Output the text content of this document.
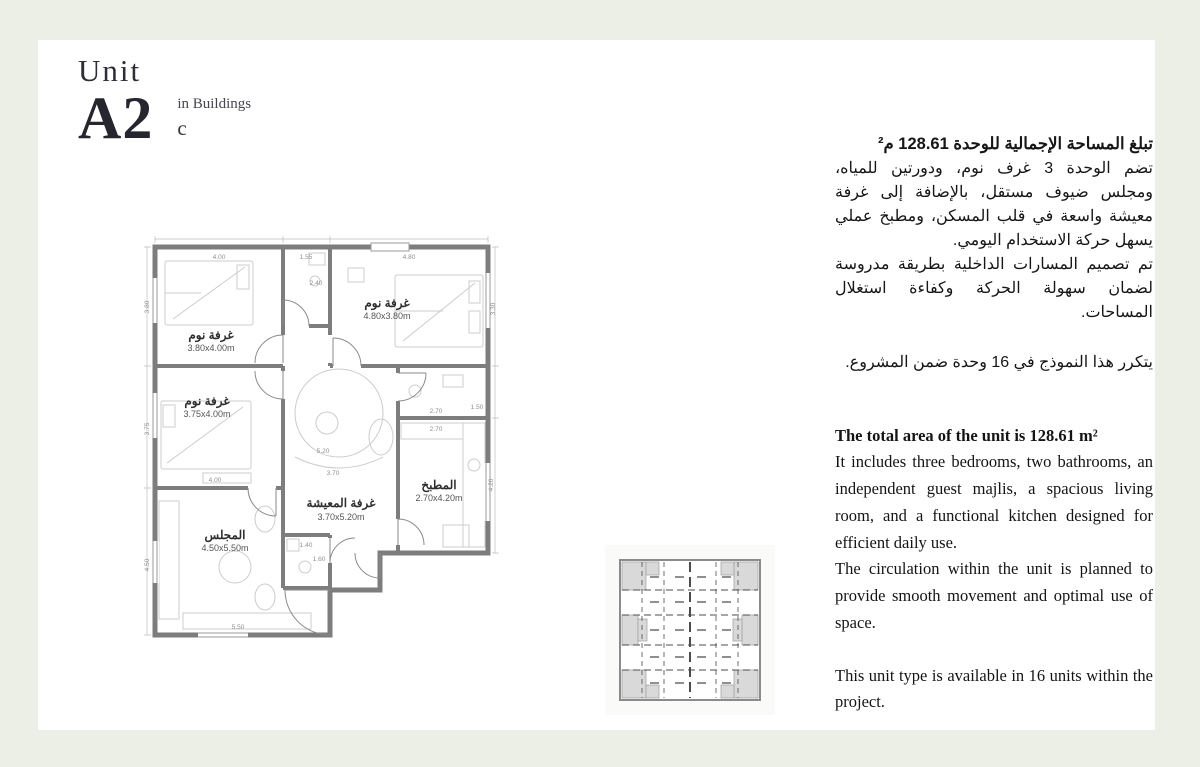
Unit
A2 in Buildings
c
غرفة نوم
3.80x4.00m
غرفة نوم
4.80x3.80m
غرفة نوم
3.75x4.00m
غرفة المعيشة
3.70x5.20m
المطبخ
2.70x4.20m
المجلس
4.50x5.50m
4.00	1.55	4.80
2.40
3.80
3.75
3.30
4.50
4.00
5.50
2.70
1.50
2.70
4.20
5.20
3.70
1.40
1.60

تبلغ المساحة الإجمالية للوحدة 128.61 م²

تضم الوحدة 3 غرف نوم، ودورتين للمياه، ومجلس ضيوف مستقل، بالإضافة إلى غرفة معيشة واسعة في قلب المسكن، ومطبخ عملي يسهل حركة الاستخدام اليومي.

تم تصميم المسارات الداخلية بطريقة مدروسة لضمان سهولة الحركة وكفاءة استغلال المساحات.

يتكرر هذا النموذج في 16 وحدة ضمن المشروع.

The total area of the unit is 128.61 m²

It includes three bedrooms, two bathrooms, an independent guest majlis, a spacious living room, and a functional kitchen designed for efficient daily use.

The circulation within the unit is planned to provide smooth movement and optimal use of space.

This unit type is available in 16 units within the project.
